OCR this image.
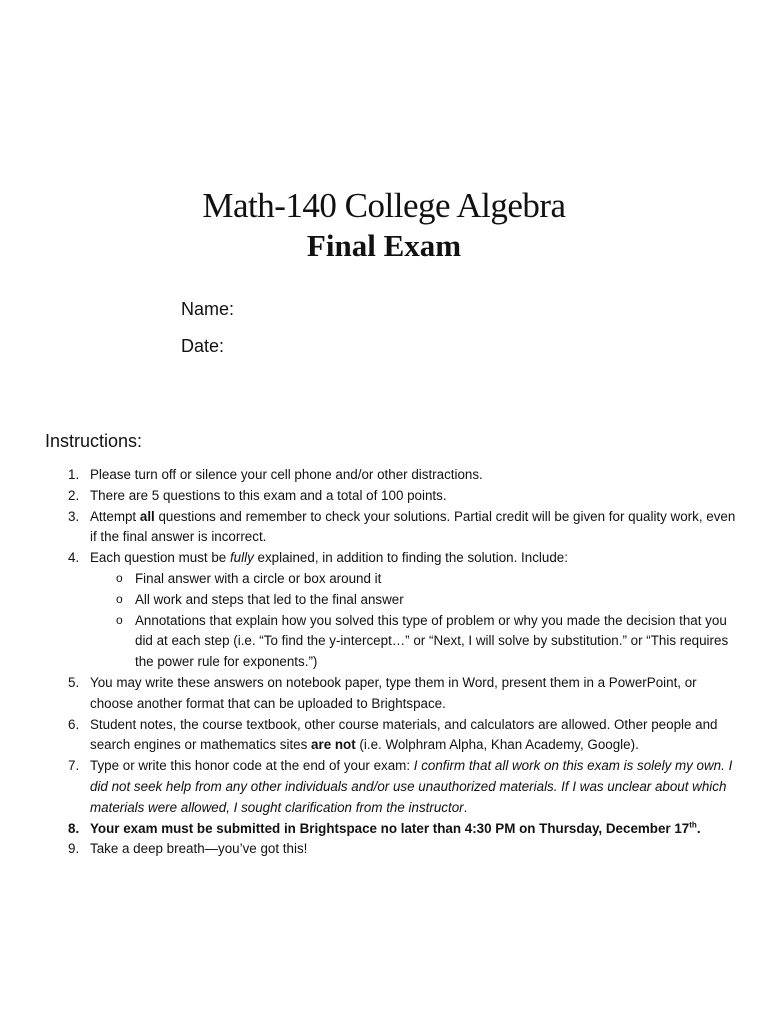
Math-140 College Algebra
Final Exam
Name:
Date:
Instructions:
1. Please turn off or silence your cell phone and/or other distractions.
2. There are 5 questions to this exam and a total of 100 points.
3. Attempt all questions and remember to check your solutions. Partial credit will be given for quality work, even if the final answer is incorrect.
4. Each question must be fully explained, in addition to finding the solution. Include:
o Final answer with a circle or box around it
o All work and steps that led to the final answer
o Annotations that explain how you solved this type of problem or why you made the decision that you did at each step (i.e. “To find the y-intercept…” or “Next, I will solve by substitution.” or “This requires the power rule for exponents.”)
5. You may write these answers on notebook paper, type them in Word, present them in a PowerPoint, or choose another format that can be uploaded to Brightspace.
6. Student notes, the course textbook, other course materials, and calculators are allowed. Other people and search engines or mathematics sites are not (i.e. Wolphram Alpha, Khan Academy, Google).
7. Type or write this honor code at the end of your exam: I confirm that all work on this exam is solely my own. I did not seek help from any other individuals and/or use unauthorized materials. If I was unclear about which materials were allowed, I sought clarification from the instructor.
8. Your exam must be submitted in Brightspace no later than 4:30 PM on Thursday, December 17th.
9. Take a deep breath—you’ve got this!
